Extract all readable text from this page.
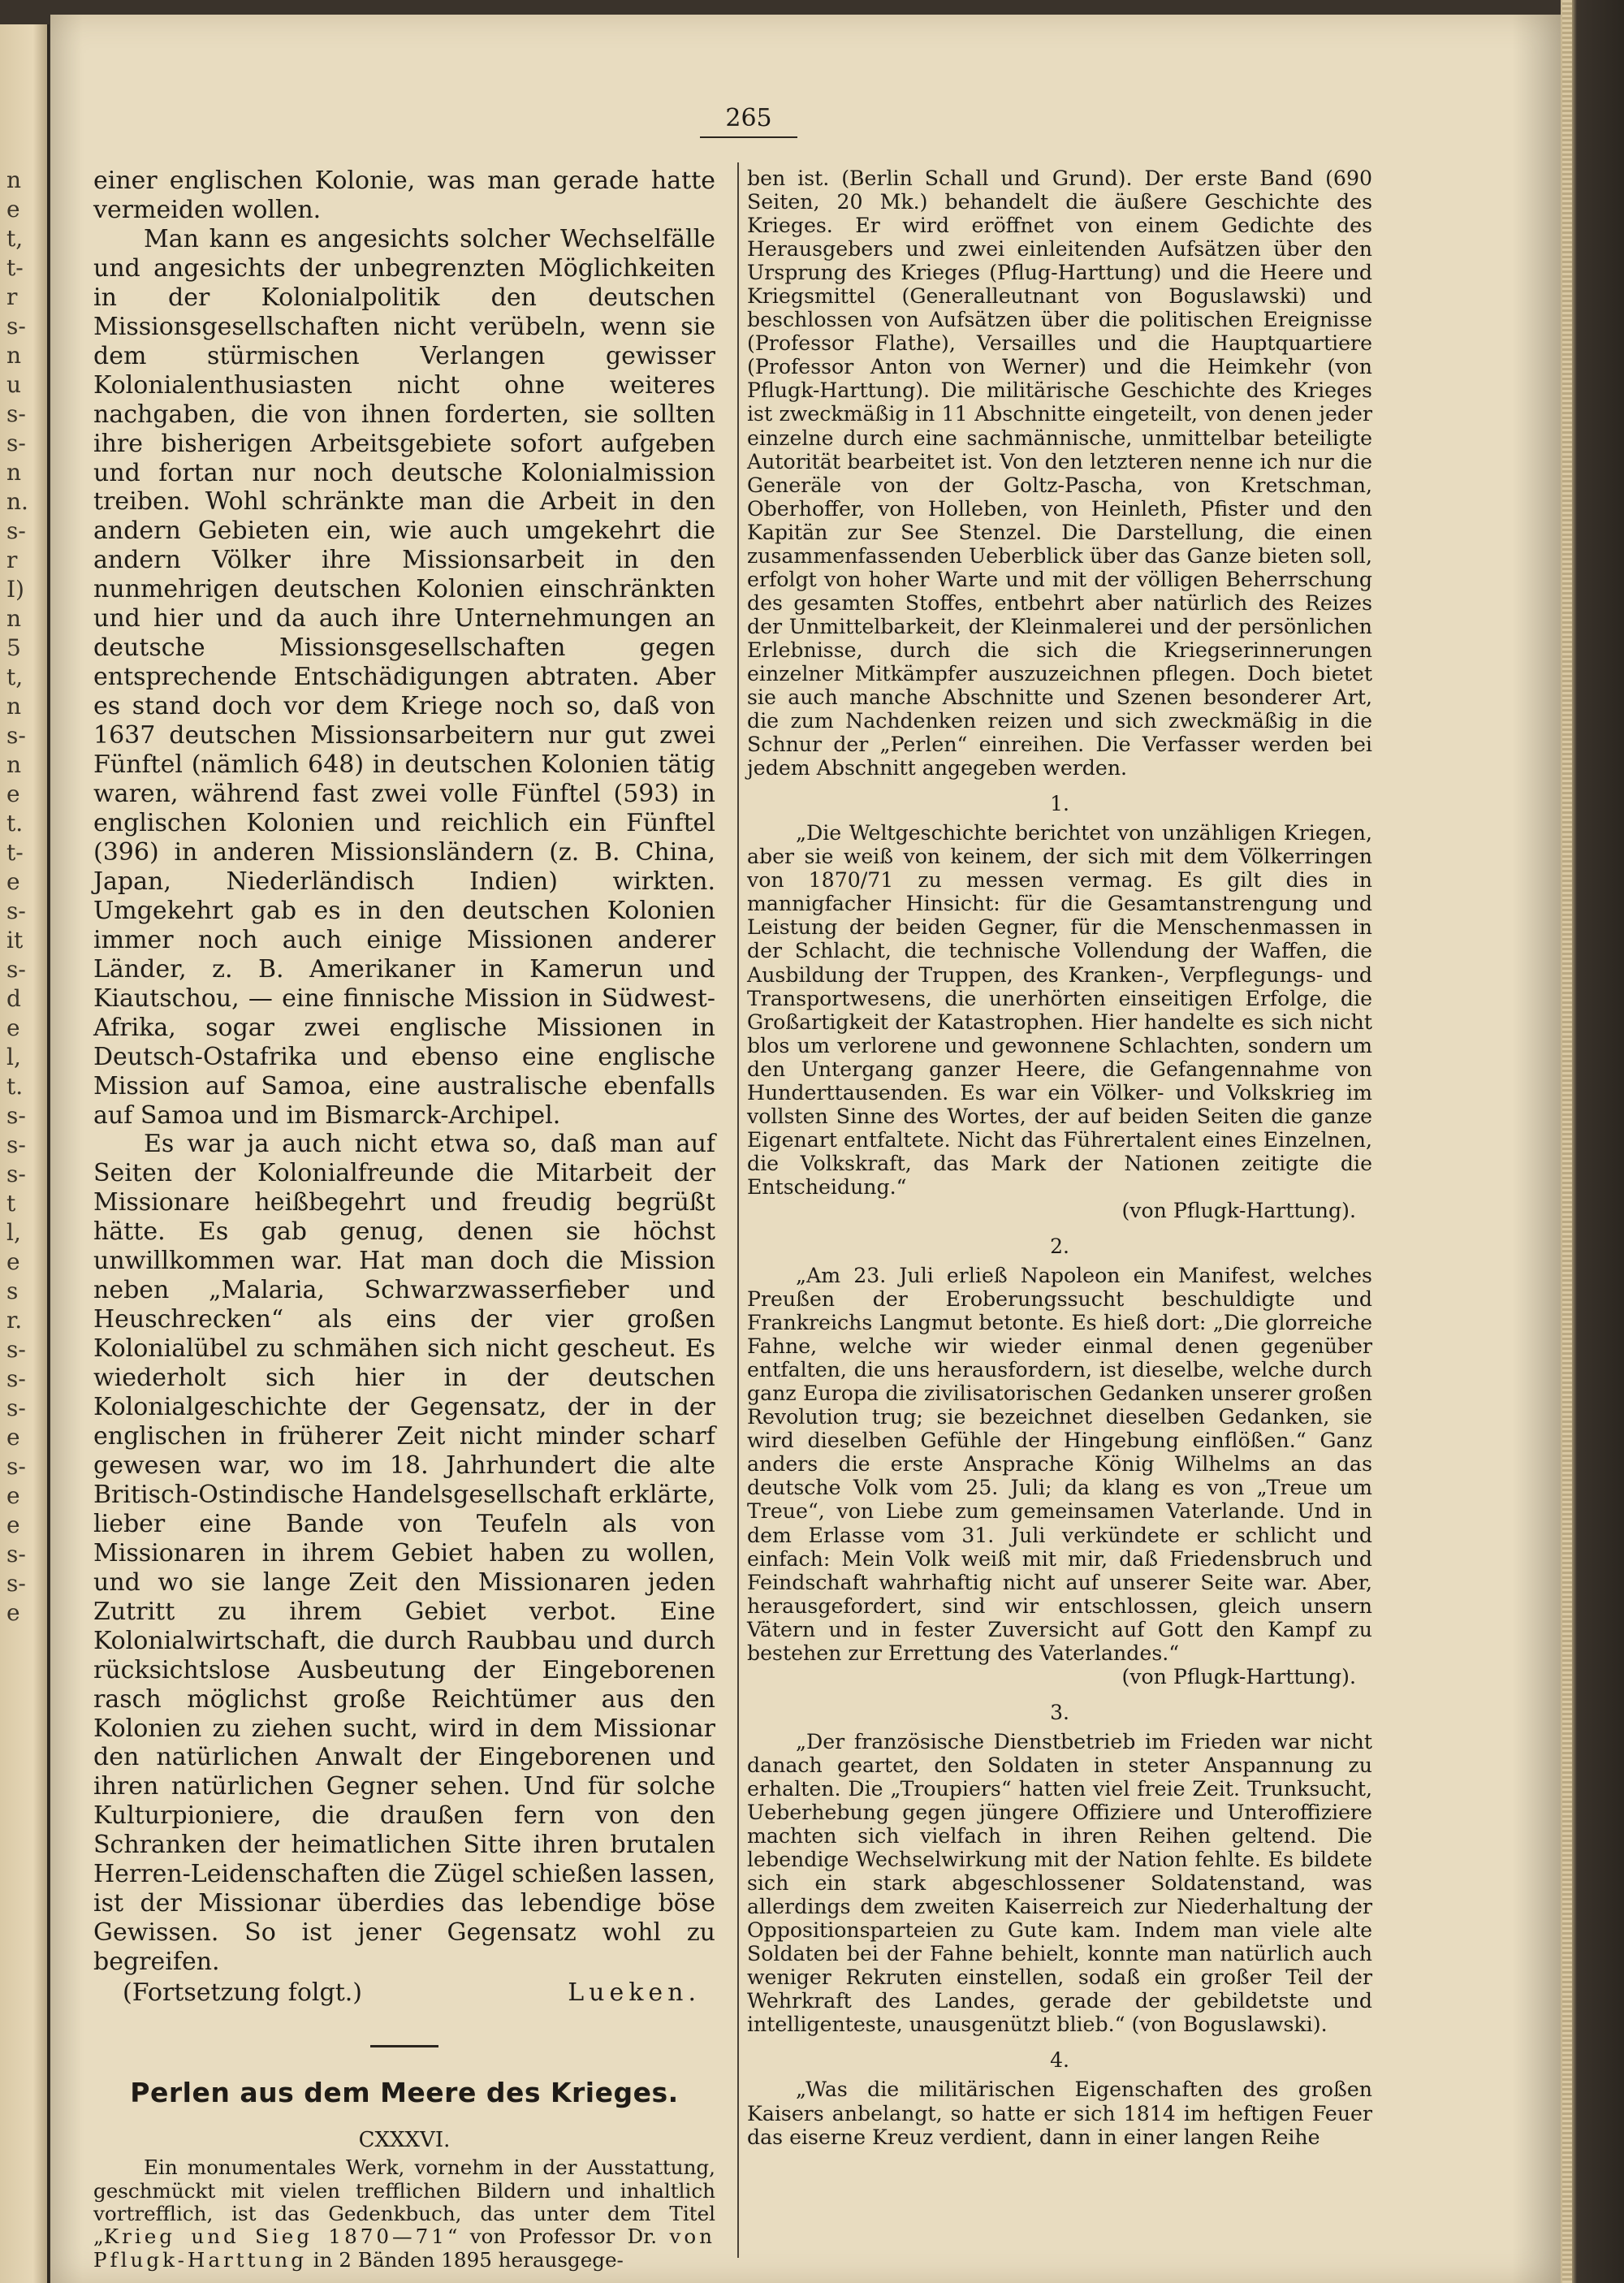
n
e
t,
t-
r
s-
n
u
s-
s-
n
n.
s-
r
I)
n
5
t,
n
s-
n
e
t.
t-
e
s-
it
s-
d
e
l,
t.
s-
s-
s-
t
l,
e
s
r.
s-
s-
s-
e
s-
e
e
s-
s-
e
265

einer englischen Kolonie, was man gerade hatte vermeiden wollen.

Man kann es angesichts solcher Wechselfälle und angesichts der unbegrenzten Möglichkeiten in der Kolonialpolitik den deutschen Missionsgesellschaften nicht verübeln, wenn sie dem stürmischen Verlangen gewisser Kolonialenthusiasten nicht ohne weiteres nachgaben, die von ihnen forderten, sie sollten ihre bisherigen Arbeitsgebiete sofort aufgeben und fortan nur noch deutsche Kolonialmission treiben. Wohl schränkte man die Arbeit in den andern Gebieten ein, wie auch umgekehrt die andern Völker ihre Missionsarbeit in den nunmehrigen deutschen Kolonien einschränkten und hier und da auch ihre Unternehmungen an deutsche Missionsgesellschaften gegen entsprechende Entschädigungen abtraten. Aber es stand doch vor dem Kriege noch so, daß von 1637 deutschen Missionsarbeitern nur gut zwei Fünftel (nämlich 648) in deutschen Kolonien tätig waren, während fast zwei volle Fünftel (593) in englischen Kolonien und reichlich ein Fünftel (396) in anderen Missionsländern (z. B. China, Japan, Niederländisch Indien) wirkten. Umgekehrt gab es in den deutschen Kolonien immer noch auch einige Missionen anderer Länder, z. B. Amerikaner in Kamerun und Kiautschou, — eine finnische Mission in Südwest-Afrika, sogar zwei englische Missionen in Deutsch-Ostafrika und ebenso eine englische Mission auf Samoa, eine australische ebenfalls auf Samoa und im Bismarck-Archipel.

Es war ja auch nicht etwa so, daß man auf Seiten der Kolonialfreunde die Mitarbeit der Missionare heißbegehrt und freudig begrüßt hätte. Es gab genug, denen sie höchst unwillkommen war. Hat man doch die Mission neben „Malaria, Schwarzwasserfieber und Heuschrecken“ als eins der vier großen Kolonialübel zu schmähen sich nicht gescheut. Es wiederholt sich hier in der deutschen Kolonialgeschichte der Gegensatz, der in der englischen in früherer Zeit nicht minder scharf gewesen war, wo im 18. Jahrhundert die alte Britisch-Ostindische Handelsgesellschaft erklärte, lieber eine Bande von Teufeln als von Missionaren in ihrem Gebiet haben zu wollen, und wo sie lange Zeit den Missionaren jeden Zutritt zu ihrem Gebiet verbot. Eine Kolonialwirtschaft, die durch Raubbau und durch rücksichtslose Ausbeutung der Eingeborenen rasch möglichst große Reichtümer aus den Kolonien zu ziehen sucht, wird in dem Missionar den natürlichen Anwalt der Eingeborenen und ihren natürlichen Gegner sehen. Und für solche Kulturpioniere, die draußen fern von den Schranken der heimatlichen Sitte ihren brutalen Herren-Leidenschaften die Zügel schießen lassen, ist der Missionar überdies das lebendige böse Gewissen. So ist jener Gegensatz wohl zu begreifen.

(Fortsetzung folgt.)	Lueken.
Perlen aus dem Meere des Krieges.
CXXXVI.

Ein monumentales Werk, vornehm in der Ausstattung, geschmückt mit vielen trefflichen Bildern und inhaltlich vortrefflich, ist das Gedenkbuch, das unter dem Titel „Krieg und Sieg 1870—71“ von Professor Dr. von Pflugk-Harttung in 2 Bänden 1895 herausgege-

ben ist. (Berlin Schall und Grund). Der erste Band (690 Seiten, 20 Mk.) behandelt die äußere Geschichte des Krieges. Er wird eröffnet von einem Gedichte des Herausgebers und zwei einleitenden Aufsätzen über den Ursprung des Krieges (Pflug-Harttung) und die Heere und Kriegsmittel (Generalleutnant von Boguslawski) und beschlossen von Aufsätzen über die politischen Ereignisse (Professor Flathe), Versailles und die Hauptquartiere (Professor Anton von Werner) und die Heimkehr (von Pflugk-Harttung). Die militärische Geschichte des Krieges ist zweckmäßig in 11 Abschnitte eingeteilt, von denen jeder einzelne durch eine sachmännische, unmittelbar beteiligte Autorität bearbeitet ist. Von den letzteren nenne ich nur die Generäle von der Goltz-Pascha, von Kretschman, Oberhoffer, von Holleben, von Heinleth, Pfister und den Kapitän zur See Stenzel. Die Darstellung, die einen zusammenfassenden Ueberblick über das Ganze bieten soll, erfolgt von hoher Warte und mit der völligen Beherrschung des gesamten Stoffes, entbehrt aber natürlich des Reizes der Unmittelbarkeit, der Kleinmalerei und der persönlichen Erlebnisse, durch die sich die Kriegserinnerungen einzelner Mitkämpfer auszuzeichnen pflegen. Doch bietet sie auch manche Abschnitte und Szenen besonderer Art, die zum Nachdenken reizen und sich zweckmäßig in die Schnur der „Perlen“ einreihen. Die Verfasser werden bei jedem Abschnitt angegeben werden.

1.

„Die Weltgeschichte berichtet von unzähligen Kriegen, aber sie weiß von keinem, der sich mit dem Völkerringen von 1870/71 zu messen vermag. Es gilt dies in mannigfacher Hinsicht: für die Gesamtanstrengung und Leistung der beiden Gegner, für die Menschenmassen in der Schlacht, die technische Vollendung der Waffen, die Ausbildung der Truppen, des Kranken-, Verpflegungs- und Transportwesens, die unerhörten einseitigen Erfolge, die Großartigkeit der Katastrophen. Hier handelte es sich nicht blos um verlorene und gewonnene Schlachten, sondern um den Untergang ganzer Heere, die Gefangennahme von Hunderttausenden. Es war ein Völker- und Volkskrieg im vollsten Sinne des Wortes, der auf beiden Seiten die ganze Eigenart entfaltete. Nicht das Führertalent eines Einzelnen, die Volkskraft, das Mark der Nationen zeitigte die Entscheidung.“

(von Pflugk-Harttung).
2.

„Am 23. Juli erließ Napoleon ein Manifest, welches Preußen der Eroberungssucht beschuldigte und Frankreichs Langmut betonte. Es hieß dort: „Die glorreiche Fahne, welche wir wieder einmal denen gegenüber entfalten, die uns herausfordern, ist dieselbe, welche durch ganz Europa die zivilisatorischen Gedanken unserer großen Revolution trug; sie bezeichnet dieselben Gedanken, sie wird dieselben Gefühle der Hingebung einflößen.“ Ganz anders die erste Ansprache König Wilhelms an das deutsche Volk vom 25. Juli; da klang es von „Treue um Treue“, von Liebe zum gemeinsamen Vaterlande. Und in dem Erlasse vom 31. Juli verkündete er schlicht und einfach: Mein Volk weiß mit mir, daß Friedensbruch und Feindschaft wahrhaftig nicht auf unserer Seite war. Aber, herausgefordert, sind wir entschlossen, gleich unsern Vätern und in fester Zuversicht auf Gott den Kampf zu bestehen zur Errettung des Vaterlandes.“

(von Pflugk-Harttung).
3.

„Der französische Dienstbetrieb im Frieden war nicht danach geartet, den Soldaten in steter Anspannung zu erhalten. Die „Troupiers“ hatten viel freie Zeit. Trunksucht, Ueberhebung gegen jüngere Offiziere und Unteroffiziere machten sich vielfach in ihren Reihen geltend. Die lebendige Wechselwirkung mit der Nation fehlte. Es bildete sich ein stark abgeschlossener Soldatenstand, was allerdings dem zweiten Kaiserreich zur Niederhaltung der Oppositionsparteien zu Gute kam. Indem man viele alte Soldaten bei der Fahne behielt, konnte man natürlich auch weniger Rekruten einstellen, sodaß ein großer Teil der Wehrkraft des Landes, gerade der gebildetste und intelligenteste, unausgenützt blieb.“ (von Boguslawski).

4.

„Was die militärischen Eigenschaften des großen Kaisers anbelangt, so hatte er sich 1814 im heftigen Feuer das eiserne Kreuz verdient, dann in einer langen Reihe
